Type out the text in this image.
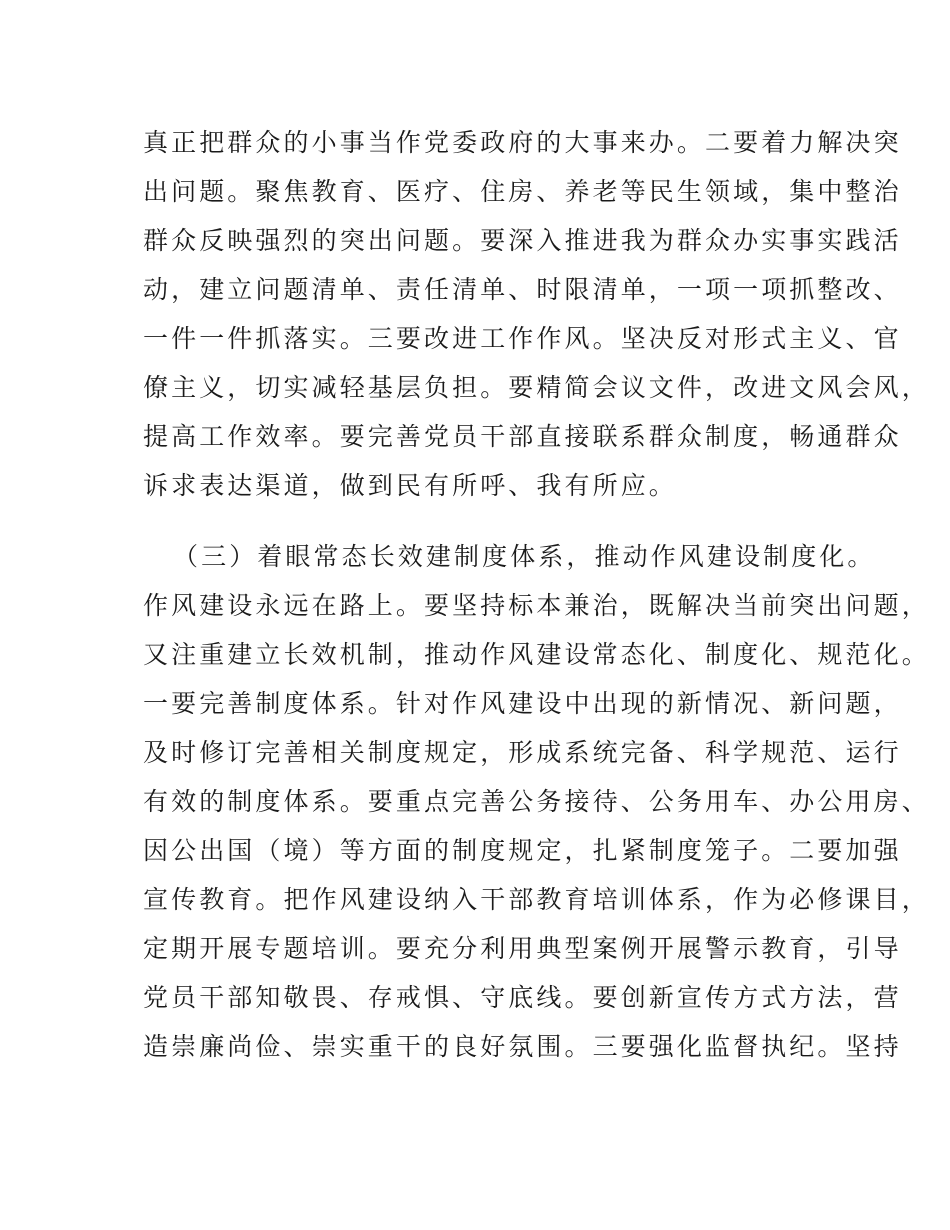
真正把群众的小事当作党委政府的大事来办。二要着力解决突
出问题。聚焦教育、医疗、住房、养老等民生领域，集中整治
群众反映强烈的突出问题。要深入推进我为群众办实事实践活
动，建立问题清单、责任清单、时限清单，一项一项抓整改、
一件一件抓落实。三要改进工作作风。坚决反对形式主义、官
僚主义，切实减轻基层负担。要精简会议文件，改进文风会风，
提高工作效率。要完善党员干部直接联系群众制度，畅通群众
诉求表达渠道，做到民有所呼、我有所应。
（三）着眼常态长效建制度体系，推动作风建设制度化。
作风建设永远在路上。要坚持标本兼治，既解决当前突出问题，
又注重建立长效机制，推动作风建设常态化、制度化、规范化。
一要完善制度体系。针对作风建设中出现的新情况、新问题，
及时修订完善相关制度规定，形成系统完备、科学规范、运行
有效的制度体系。要重点完善公务接待、公务用车、办公用房、
因公出国（境）等方面的制度规定，扎紧制度笼子。二要加强
宣传教育。把作风建设纳入干部教育培训体系，作为必修课目，
定期开展专题培训。要充分利用典型案例开展警示教育，引导
党员干部知敬畏、存戒惧、守底线。要创新宣传方式方法，营
造崇廉尚俭、崇实重干的良好氛围。三要强化监督执纪。坚持
